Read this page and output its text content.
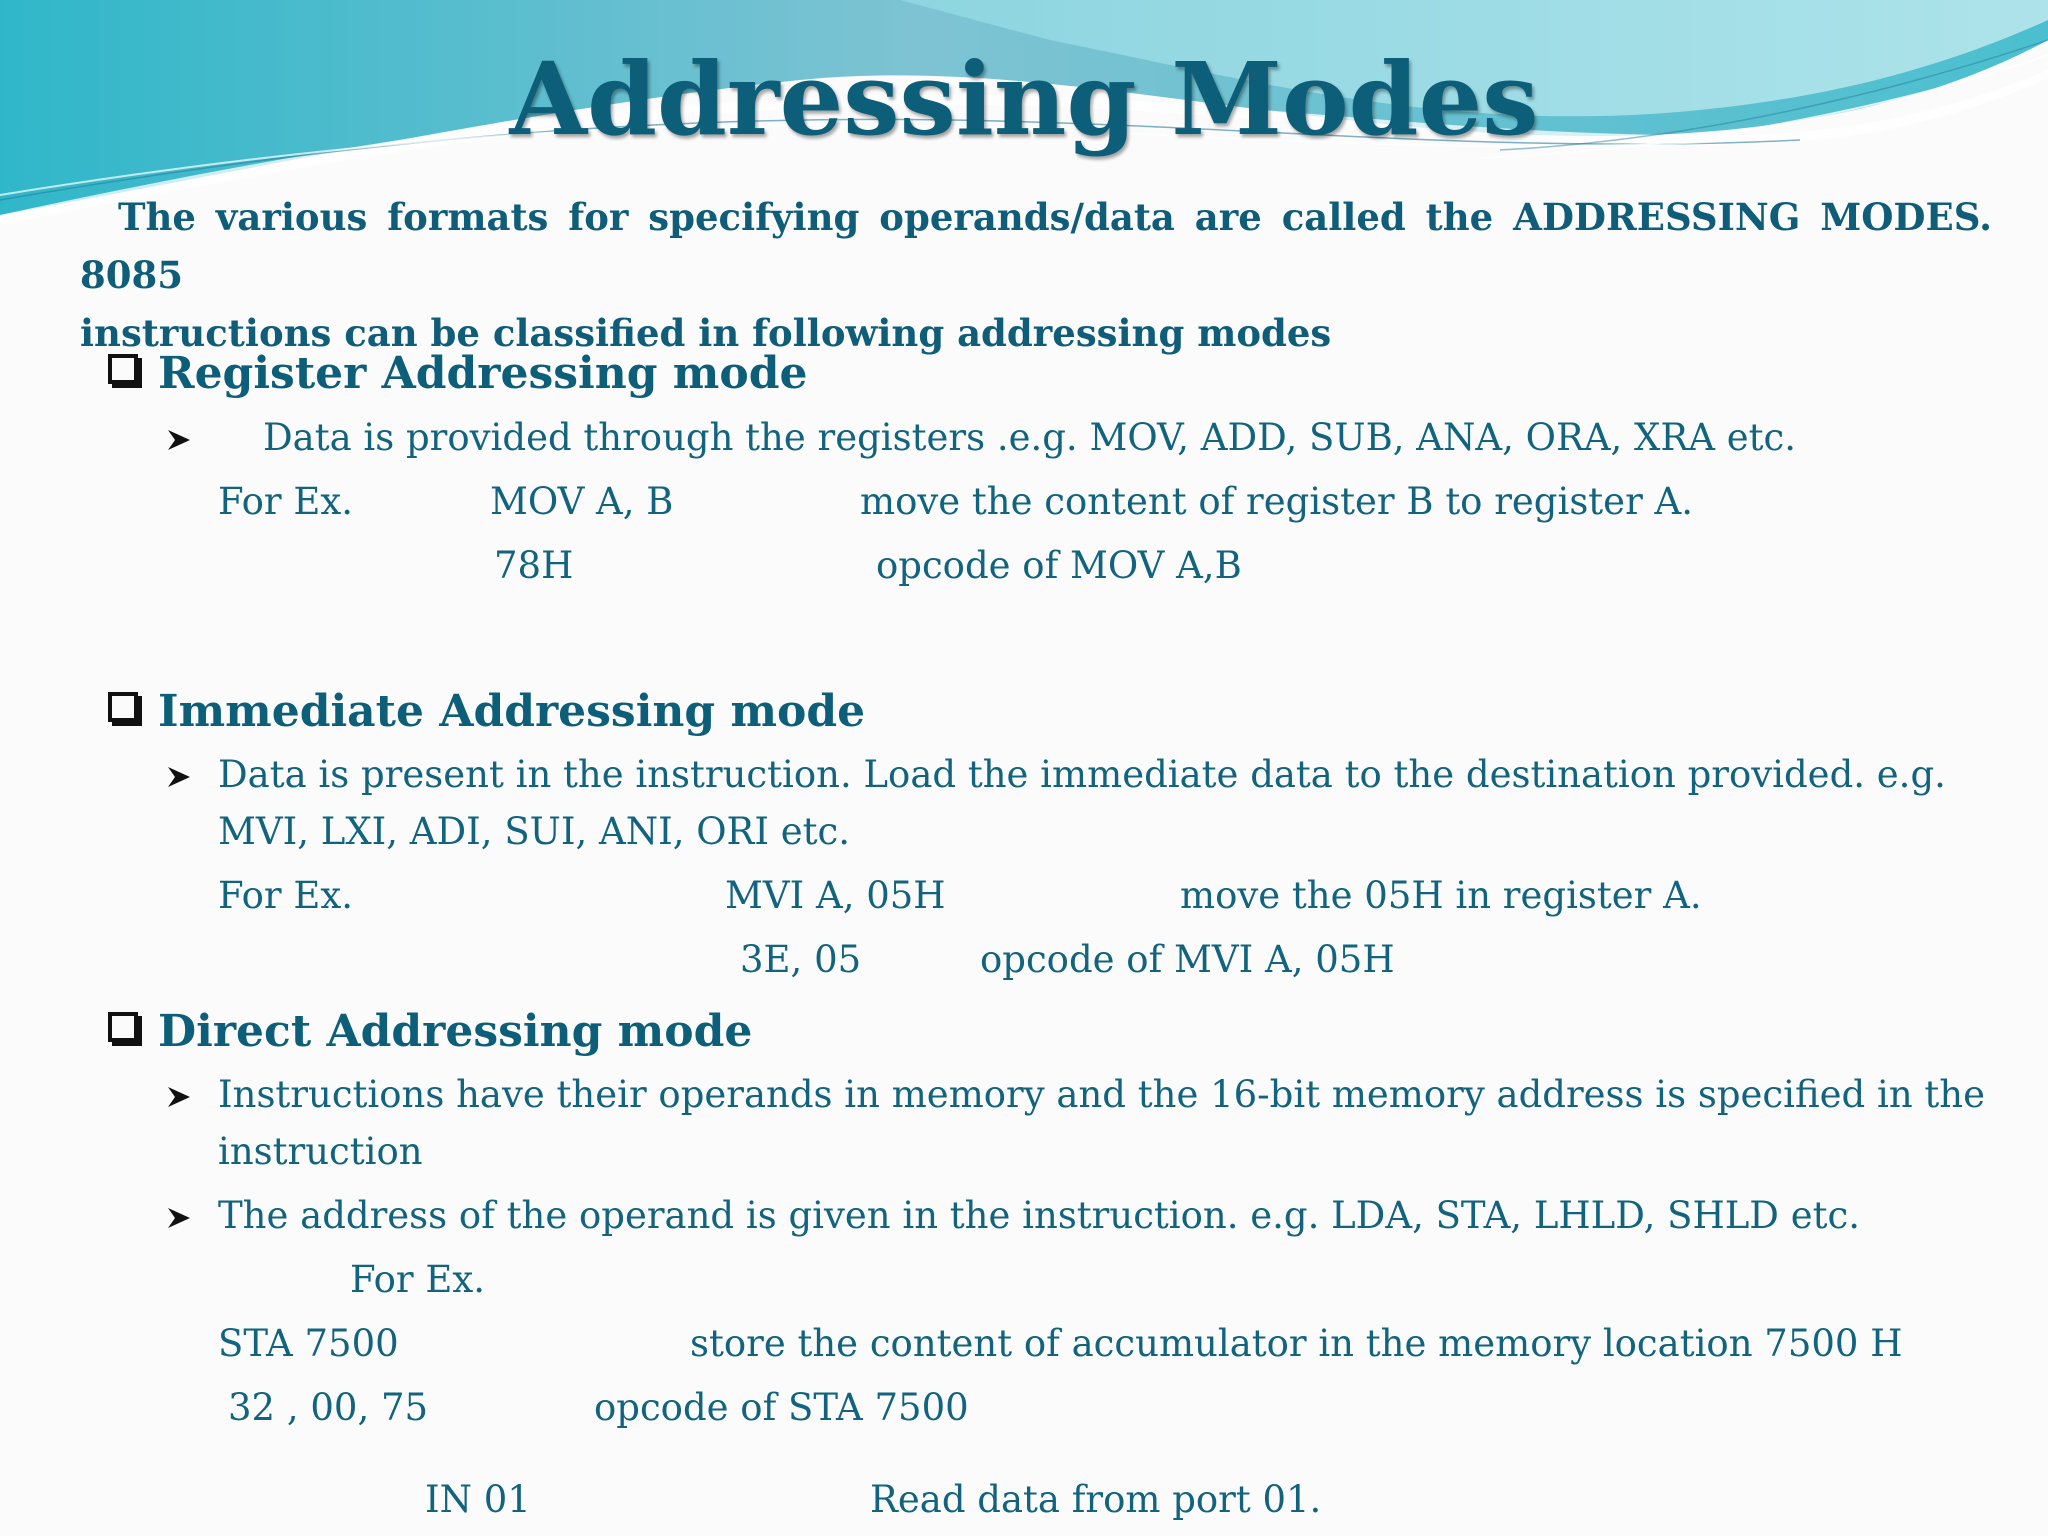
Addressing Modes
The various formats for specifying operands/data are called the ADDRESSING MODES. 8085
instructions can be classified in following addressing modes
Register Addressing mode
Data is provided through the registers .e.g. MOV, ADD, SUB, ANA, ORA, XRA etc.
For Ex.	MOV A, B	move the content of register B to register A.
78H	opcode of MOV A,B
Immediate Addressing mode
Data is present in the instruction. Load the immediate data to the destination provided. e.g.
MVI, LXI, ADI, SUI, ANI, ORI etc.
For Ex.	MVI A, 05H	move the 05H in register A.
3E, 05	opcode of MVI A, 05H
Direct Addressing mode
Instructions have their operands in memory and the 16-bit memory address is specified in the
instruction
The address of the operand is given in the instruction. e.g. LDA, STA, LHLD, SHLD etc.
For Ex.
STA 7500	store the content of accumulator in the memory location 7500 H
32 , 00, 75	opcode of STA 7500
IN 01	Read data from port 01.
